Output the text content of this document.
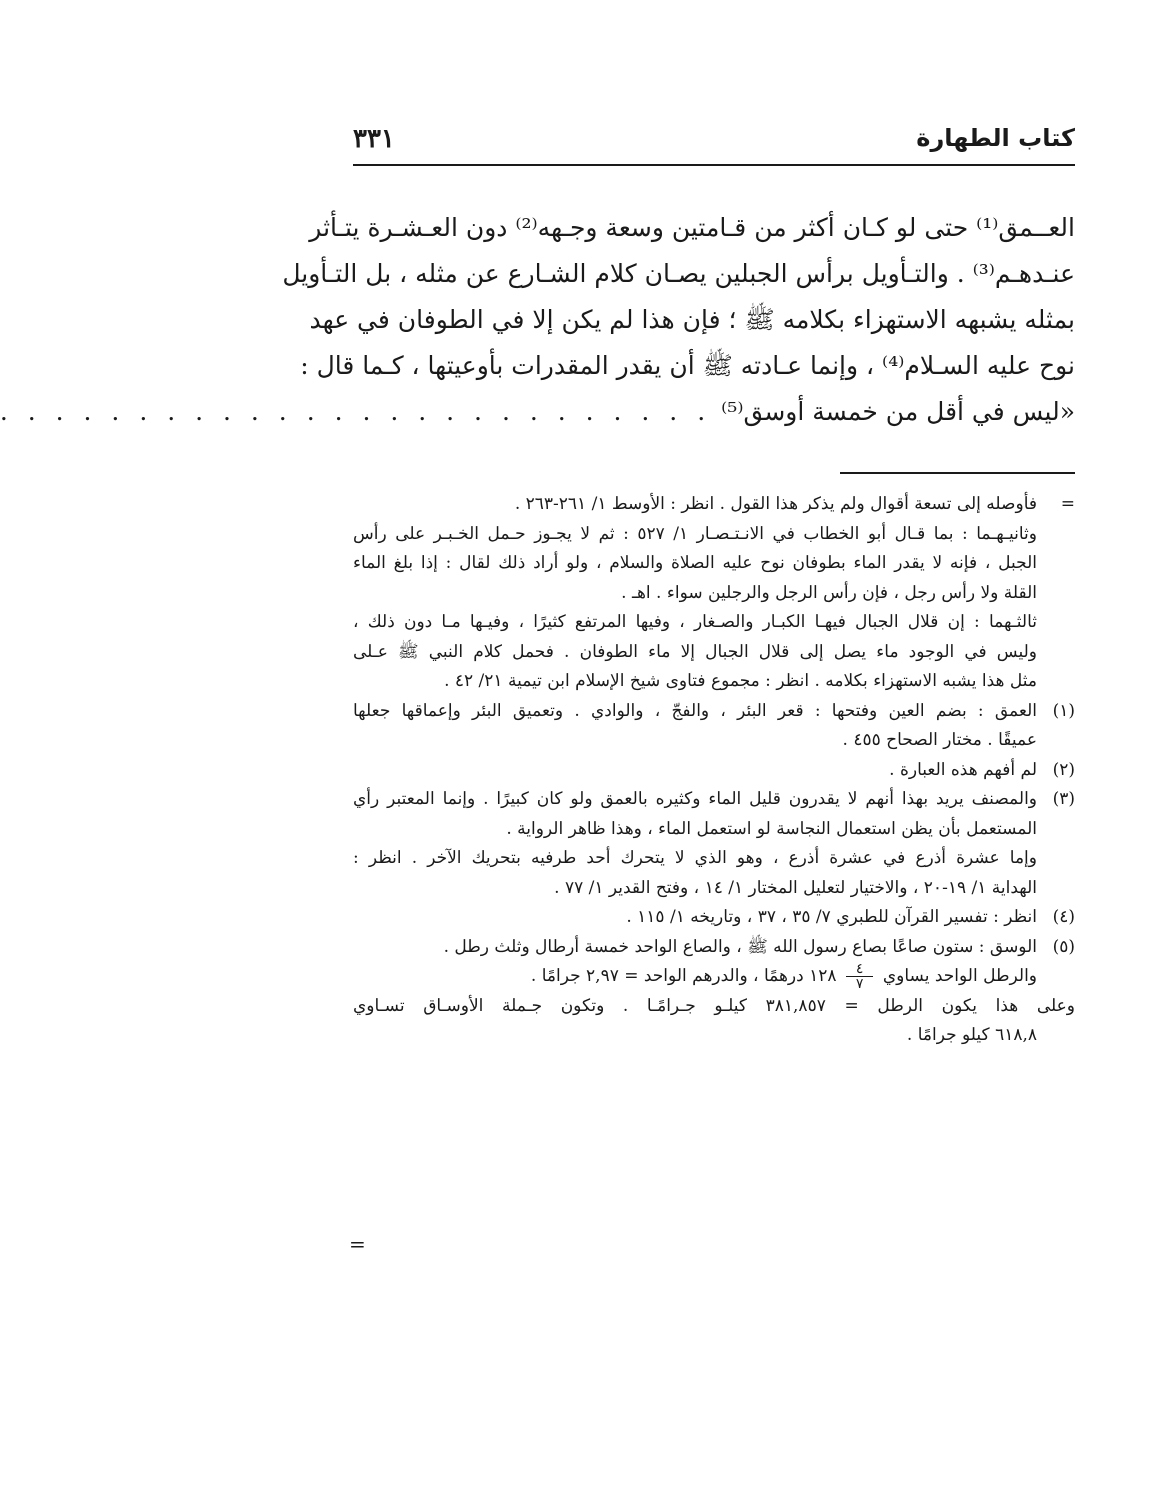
كتاب الطهارة
٣٣١
العــمق⁽¹⁾ حتى لو كـان أكثر من قـامتين وسعة وجـهه⁽²⁾ دون العـشـرة يتـأثر
عنـدهـم⁽³⁾ . والتـأويل برأس الجبلين يصـان كلام الشـارع عن مثله ، بل التـأويل
بمثله يشبهه الاستهزاء بكلامه ﷺ ؛ فإن هذا لم يكن إلا في الطوفان في عهد
نوح عليه السـلام⁽⁴⁾ ، وإنما عـادته ﷺ أن يقدر المقدرات بأوعيتها ، كـما قال :
«ليس في أقل من خمسة أوسق⁽⁵⁾
. . . . . . . . . . . . . . . . . . . . . . . . . .
=
فأوصله إلى تسعة أقوال ولم يذكر هذا القول . انظر : الأوسط ١/ ٢٦١-٢٦٣ .
وثانيـهـما : بما قـال أبو الخطاب في الانـتـصـار ١/ ٥٢٧ : ثم لا يجـوز حـمل الخـبـر على رأس
الجبل ، فإنه لا يقدر الماء بطوفان نوح عليه الصلاة والسلام ، ولو أراد ذلك لقال : إذا بلغ الماء
القلة ولا رأس رجل ، فإن رأس الرجل والرجلين سواء . اهـ .
ثالثـهما : إن قلال الجبال فيهـا الكبـار والصـغار ، وفيها المرتفع كثيرًا ، وفيـها مـا دون ذلك ،
وليس في الوجود ماء يصل إلى قلال الجبال إلا ماء الطوفان . فحمل كلام النبي ﷺ عـلى
مثل هذا يشبه الاستهزاء بكلامه . انظر : مجموع فتاوى شيخ الإسلام ابن تيمية ٢١/ ٤٢ .
(١)
العمق : بضم العين وفتحها : قعر البئر ، والفجّ ، والوادي . وتعميق البئر وإعماقها جعلها
عميقًا . مختار الصحاح ٤٥٥ .
(٢)
لم أفهم هذه العبارة .
(٣)
والمصنف يريد بهذا أنهم لا يقدرون قليل الماء وكثيره بالعمق ولو كان كبيرًا . وإنما المعتبر رأي
المستعمل بأن يظن استعمال النجاسة لو استعمل الماء ، وهذا ظاهر الرواية .
وإما عشرة أذرع في عشرة أذرع ، وهو الذي لا يتحرك أحد طرفيه بتحريك الآخر . انظر :
الهداية ١/ ١٩-٢٠ ، والاختيار لتعليل المختار ١/ ١٤ ، وفتح القدير ١/ ٧٧ .
(٤)
انظر : تفسير القرآن للطبري ٧/ ٣٥ ، ٣٧ ، وتاريخه ١/ ١١٥ .
(٥)
الوسق : ستون صاعًا بصاع رسول الله ﷺ ، والصاع الواحد خمسة أرطال وثلث رطل .
والرطل الواحد يساوي
$\frac{٤}{٧}$
١٢٨ درهمًا ، والدرهم الواحد = ٢,٩٧ جرامًا .
وعلى هذا يكون الرطل = ٣٨١,٨٥٧ كيلـو جـرامًـا . وتكون جـملة الأوسـاق تسـاوي
٦١٨,٨ كيلو جرامًا .
=
